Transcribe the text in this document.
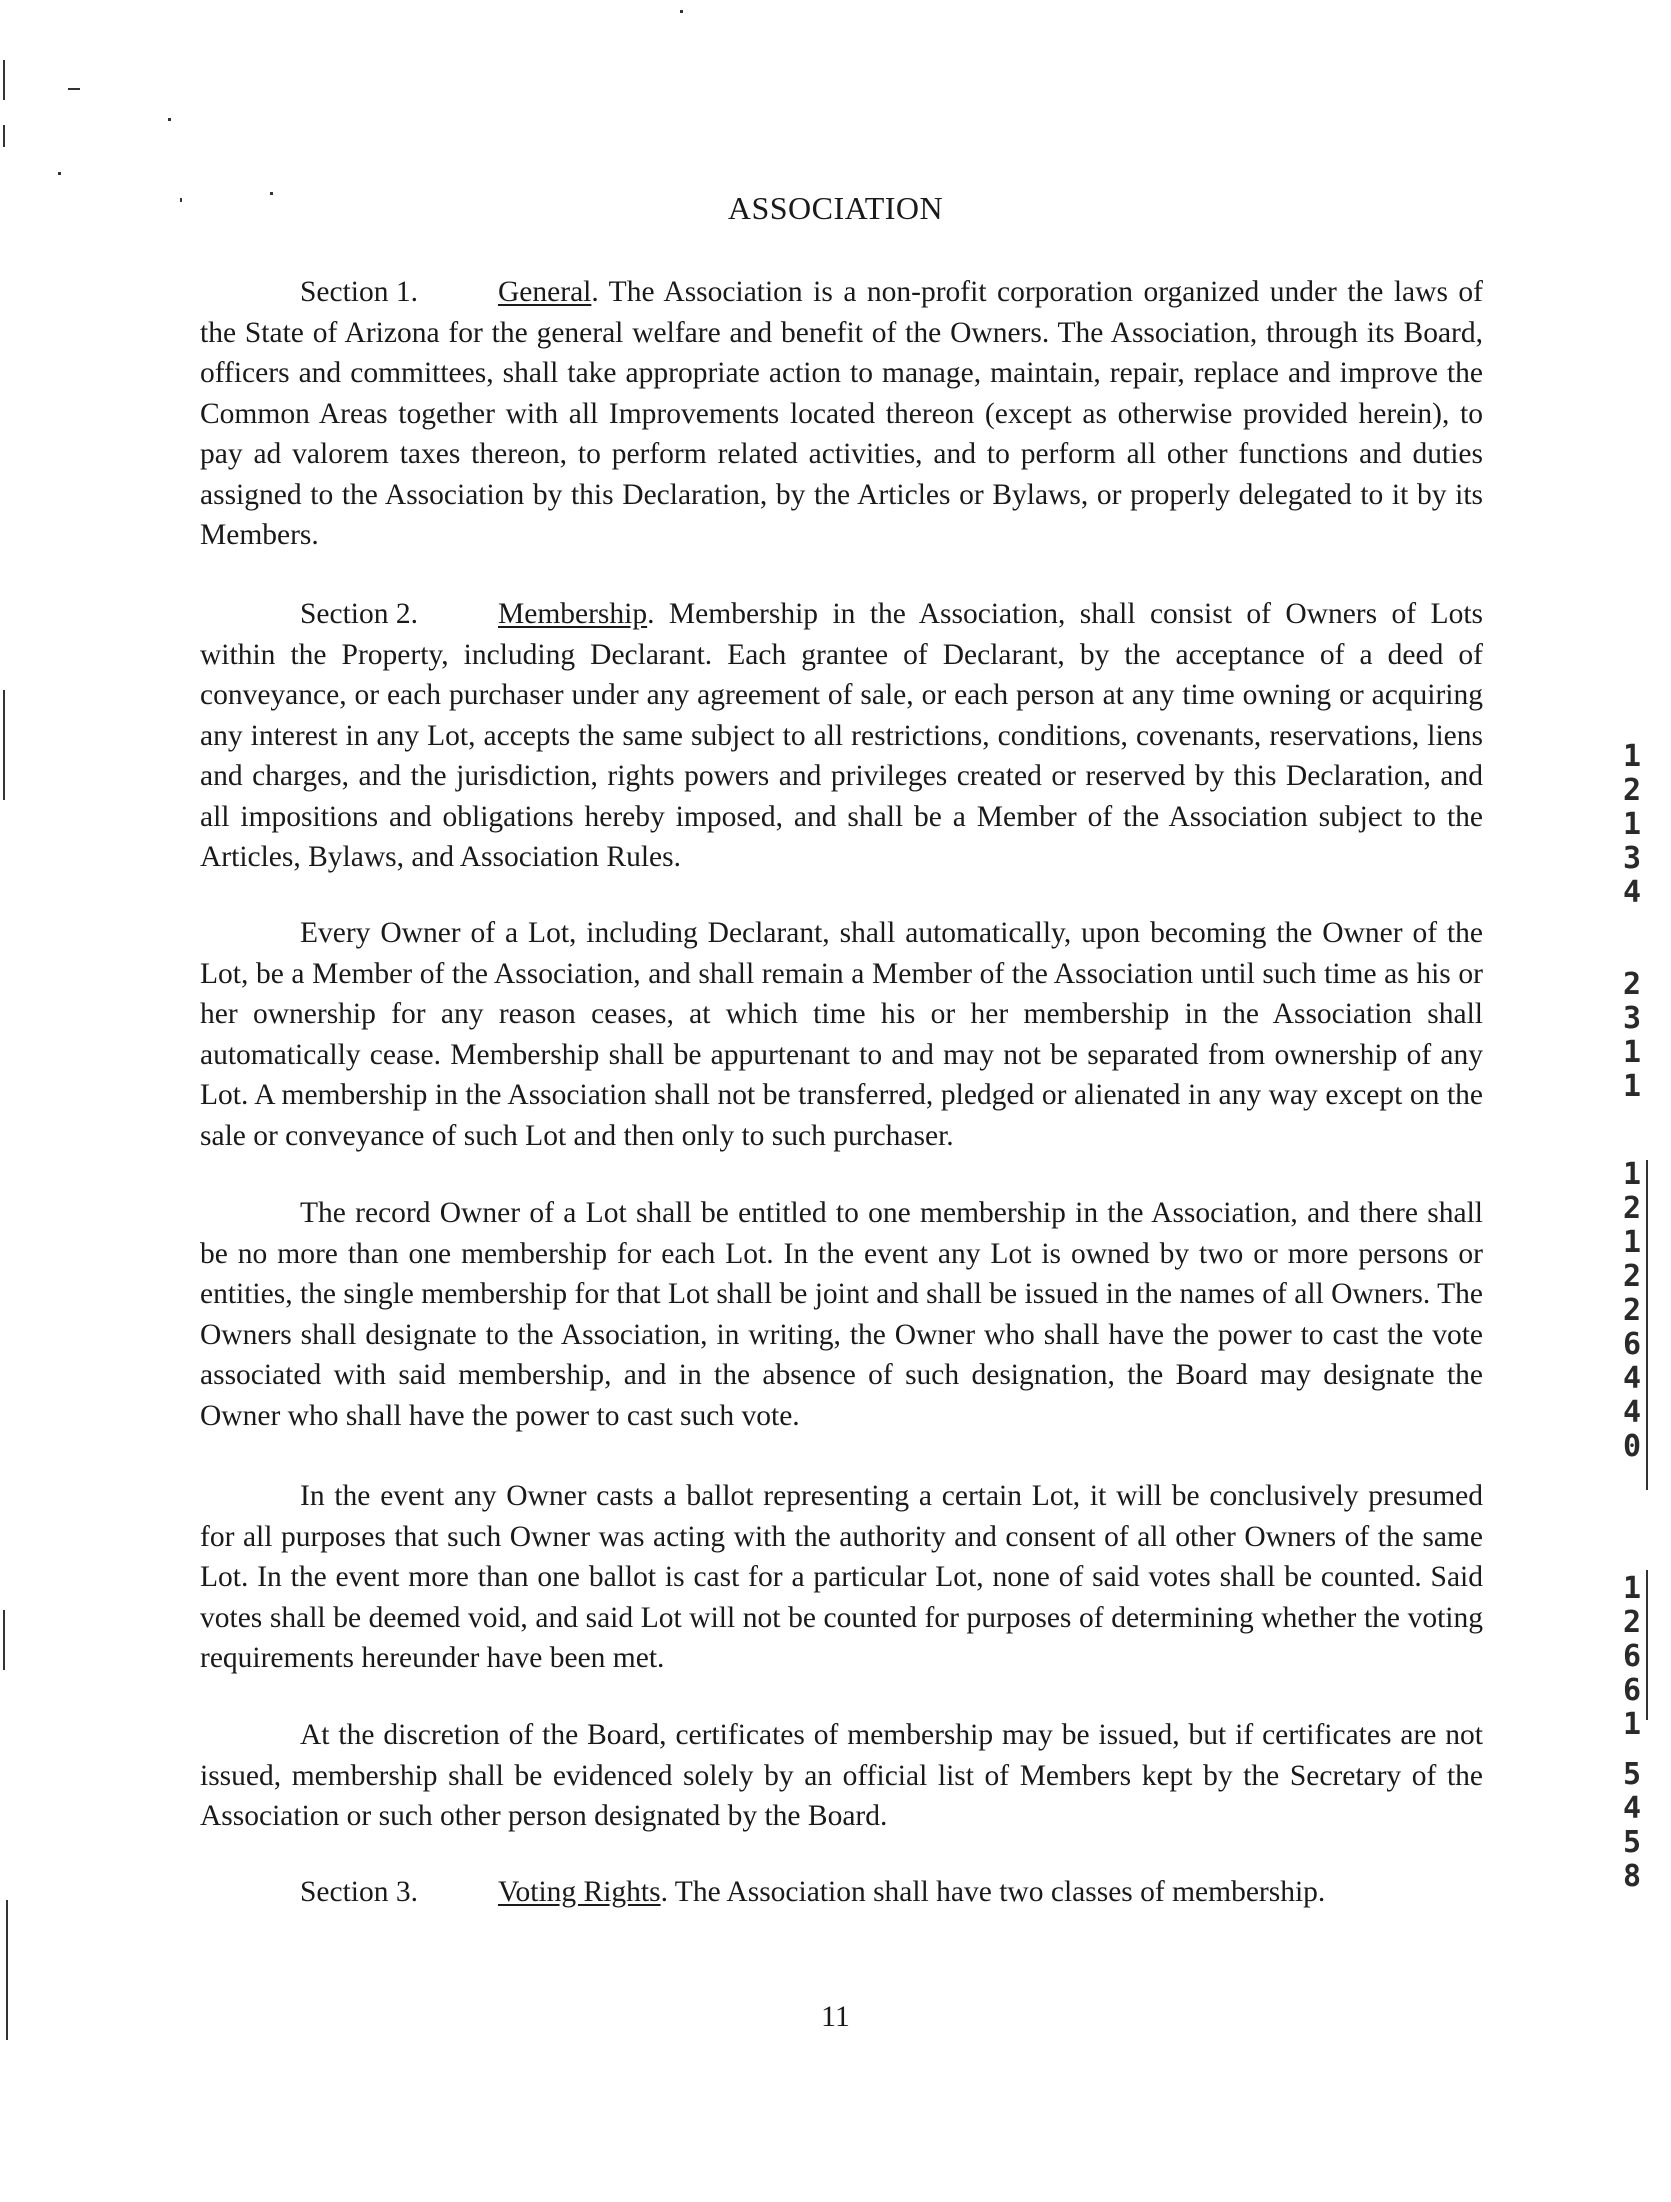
ASSOCIATION

Section 1.	General. The Association is a non-profit corporation organized under the laws of the State of Arizona for the general welfare and benefit of the Owners. The Association, through its Board, officers and committees, shall take appropriate action to manage, maintain, repair, replace and improve the Common Areas together with all Improvements located thereon (except as otherwise provided herein), to pay ad valorem taxes thereon, to perform related activities, and to perform all other functions and duties assigned to the Association by this Declaration, by the Articles or Bylaws, or properly delegated to it by its Members.

Section 2.	Membership. Membership in the Association, shall consist of Owners of Lots within the Property, including Declarant. Each grantee of Declarant, by the acceptance of a deed of conveyance, or each purchaser under any agreement of sale, or each person at any time owning or acquiring any interest in any Lot, accepts the same subject to all restrictions, conditions, covenants, reservations, liens and charges, and the jurisdiction, rights powers and privileges created or reserved by this Declaration, and all impositions and obligations hereby imposed, and shall be a Member of the Association subject to the Articles, Bylaws, and Association Rules.

Every Owner of a Lot, including Declarant, shall automatically, upon becoming the Owner of the Lot, be a Member of the Association, and shall remain a Member of the Association until such time as his or her ownership for any reason ceases, at which time his or her membership in the Association shall automatically cease. Membership shall be appurtenant to and may not be separated from ownership of any Lot. A membership in the Association shall not be transferred, pledged or alienated in any way except on the sale or conveyance of such Lot and then only to such purchaser.

The record Owner of a Lot shall be entitled to one membership in the Association, and there shall be no more than one membership for each Lot. In the event any Lot is owned by two or more persons or entities, the single membership for that Lot shall be joint and shall be issued in the names of all Owners. The Owners shall designate to the Association, in writing, the Owner who shall have the power to cast the vote associated with said membership, and in the absence of such designation, the Board may designate the Owner who shall have the power to cast such vote.

In the event any Owner casts a ballot representing a certain Lot, it will be conclusively presumed for all purposes that such Owner was acting with the authority and consent of all other Owners of the same Lot. In the event more than one ballot is cast for a particular Lot, none of said votes shall be counted. Said votes shall be deemed void, and said Lot will not be counted for purposes of determining whether the voting requirements hereunder have been met.

At the discretion of the Board, certificates of membership may be issued, but if certificates are not issued, membership shall be evidenced solely by an official list of Members kept by the Secretary of the Association or such other person designated by the Board.

Section 3.	Voting Rights. The Association shall have two classes of membership.

1
2
1
3
4
2
3
1
1
1
2
1
2
2
6
4
4
0
1
2
6
6
1
5
4
5
8
11
